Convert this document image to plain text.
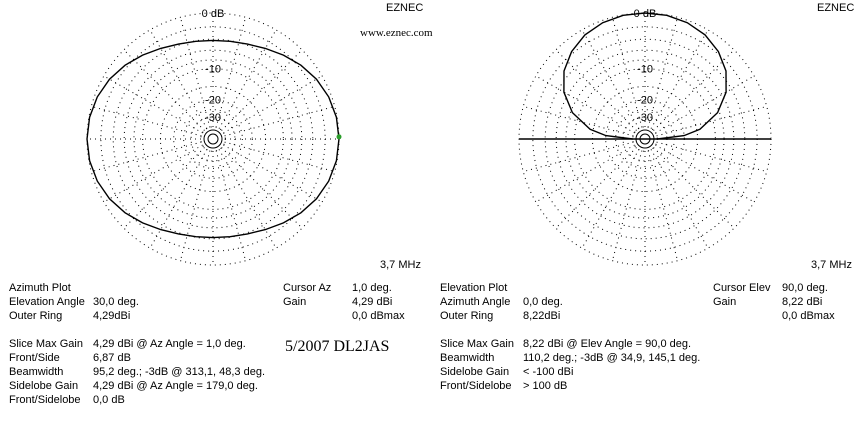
0 dB
-10
-20
-30
0 dB
-10
-20
-30
EZNEC	EZNEC
www.eznec.com
5/2007 DL2JAS
3,7 MHz	3,7 MHz
Azimuth Plot
Elevation Angle 30,0 deg.
Outer Ring	4,29dBi
Slice Max Gain 4,29 dBi @ Az Angle = 1,0 deg.
Front/Side	6,87 dB
Beamwidth	95,2 deg.; -3dB @ 313,1, 48,3 deg.
Sidelobe Gain 4,29 dBi @ Az Angle = 179,0 deg.
Front/Sidelobe 0,0 dB
Cursor Az 1,0 deg.
Gain	4,29 dBi
0,0 dBmax
Elevation Plot
Azimuth Angle 0,0 deg.
Outer Ring	8,22dBi
Slice Max Gain 8,22 dBi @ Elev Angle = 90,0 deg.
Beamwidth	110,2 deg.; -3dB @ 34,9, 145,1 deg.
Sidelobe Gain < -100 dBi
Front/Sidelobe > 100 dB
Cursor Elev 90,0 deg.
Gain	8,22 dBi
0,0 dBmax
